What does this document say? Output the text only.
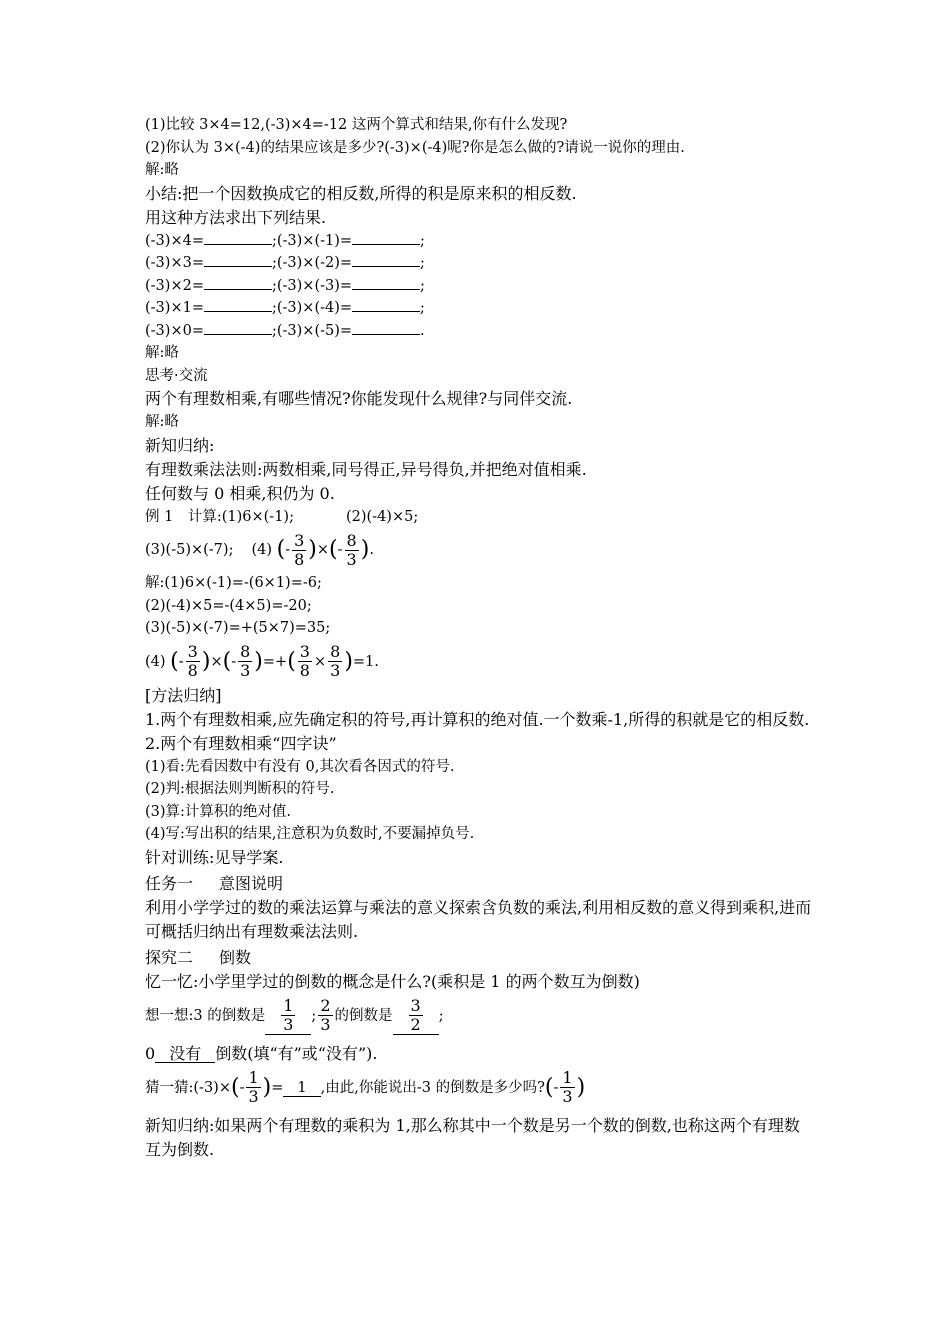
(1)比较 3×4=12,(-3)×4=-12 这两个算式和结果,你有什么发现?
(2)你认为 3×(-4)的结果应该是多少?(-3)×(-4)呢?你是怎么做的?请说一说你的理由.
解:略
小结:把一个因数换成它的相反数,所得的积是原来积的相反数.
用这种方法求出下列结果.
(-3)×4=	;(-3)×(-1)=	;
(-3)×3=	;(-3)×(-2)=	;
(-3)×2=	;(-3)×(-3)=	;
(-3)×1=	;(-3)×(-4)=	;
(-3)×0=	;(-3)×(-5)=	.
解:略
思考·交流
两个有理数相乘,有哪些情况?你能发现什么规律?与同伴交流.
解:略
新知归纳:
有理数乘法法则:两数相乘,同号得正,异号得负,并把绝对值相乘.
任何数与 0 相乘,积仍为 0.
例 1　计算:(1)6×(-1);	(2)(-4)×5;
(3)(-5)×(-7); (4) (- $\frac{3}{8}$ )×(- $\frac{8}{3}$ ).
解:(1)6×(-1)=-(6×1)=-6;
(2)(-4)×5=-(4×5)=-20;
(3)(-5)×(-7)=+(5×7)=35;
(4) (- $\frac{3}{8}$ )×(- $\frac{8}{3}$ )=+( $\frac{3}{8} \times \frac{8}{3} )=1$.
[方法归纳]
1.两个有理数相乘,应先确定积的符号,再计算积的绝对值.一个数乘-1,所得的积就是它的相反数.
2.两个有理数相乘“四字诀”
(1)看:先看因数中有没有 0,其次看各因式的符号.
(2)判:根据法则判断积的符号.
(3)算:计算积的绝对值.
(4)写:写出积的结果,注意积为负数时,不要漏掉负号.
针对训练:见导学案.
任务一 意图说明
利用小学学过的数的乘法运算与乘法的意义探索含负数的乘法,利用相反数的意义得到乘积,进而可概括归纳出有理数乘法法则.
探究二 倒数
忆一忆:小学里学过的倒数的概念是什么?(乘积是 1 的两个数互为倒数)
想一想:3 的倒数是 $\frac{1}{3}$ ; $\frac{2}{3}$ 的倒数是 $\frac{3}{2}$ ;
0 没有 倒数(填“有”或“没有”).
猜一猜:(-3)×(- $\frac{1}{3}$ )= 1 ,由此,你能说出-3 的倒数是多少吗?(- $\frac{1}{3}$ )
新知归纳:如果两个有理数的乘积为 1,那么称其中一个数是另一个数的倒数,也称这两个有理数互为倒数.
